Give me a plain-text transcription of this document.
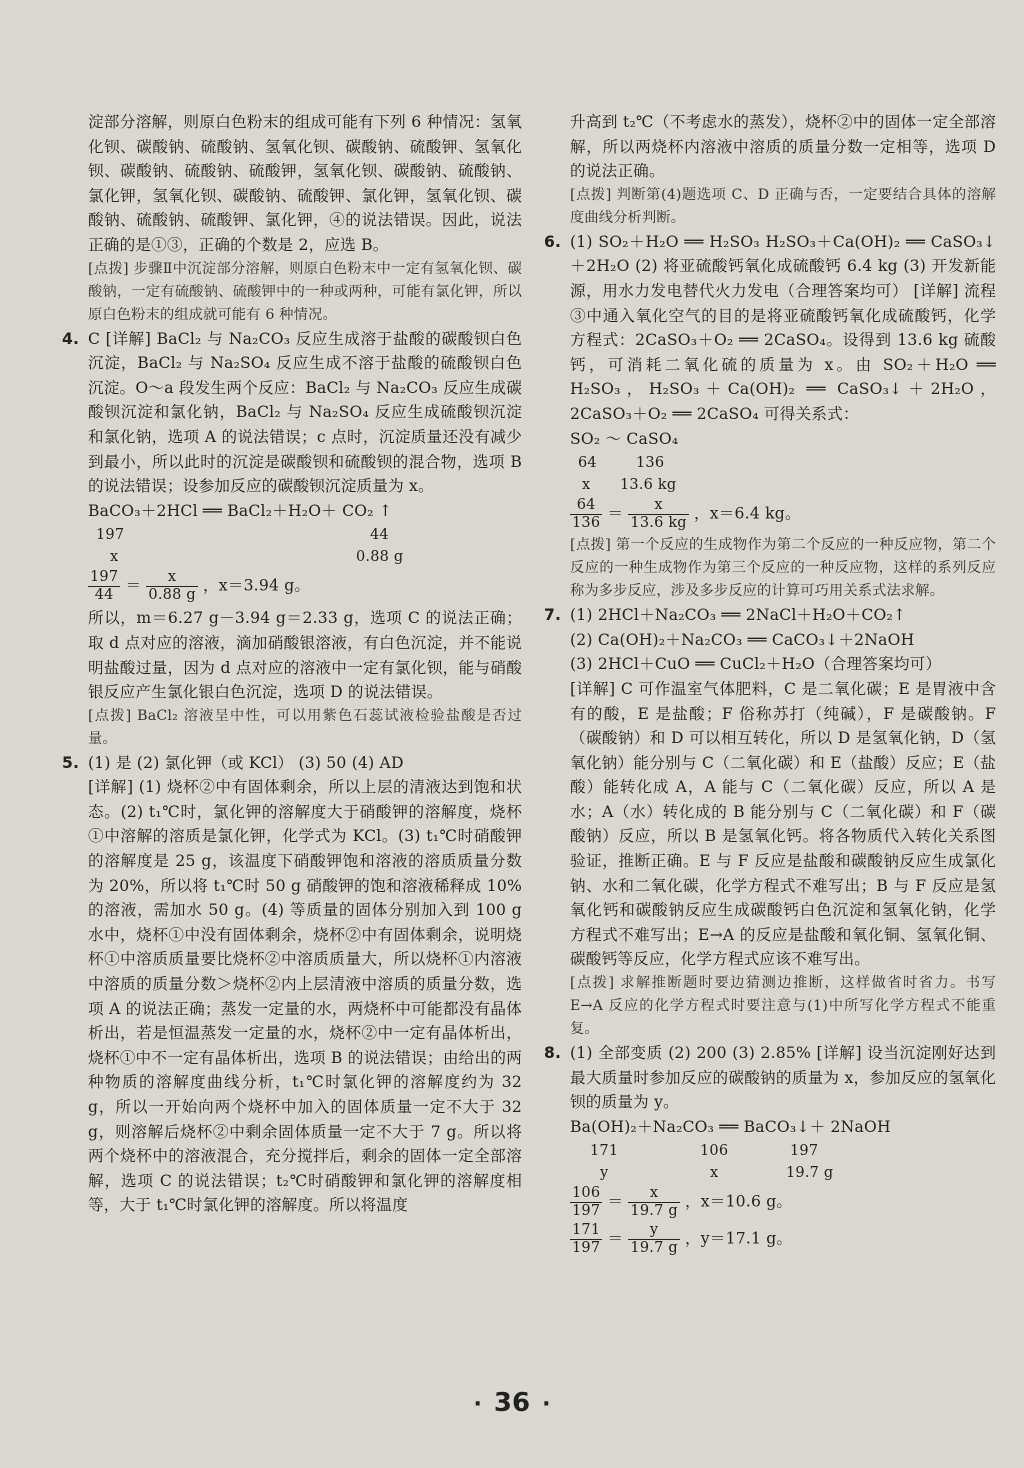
淀部分溶解，则原白色粉末的组成可能有下列 6 种情况：氢氧化钡、碳酸钠、硫酸钠、氢氧化钡、碳酸钠、硫酸钾、氢氧化钡、碳酸钠、硫酸钠、硫酸钾，氢氧化钡、碳酸钠、硫酸钠、氯化钾，氢氧化钡、碳酸钠、硫酸钾、氯化钾，氢氧化钡、碳酸钠、硫酸钠、硫酸钾、氯化钾，④的说法错误。因此，说法正确的是①③，正确的个数是 2，应选 B。

[点拨] 步骤Ⅱ中沉淀部分溶解，则原白色粉末中一定有氢氧化钡、碳酸钠，一定有硫酸钠、硫酸钾中的一种或两种，可能有氯化钾，所以原白色粉末的组成就可能有 6 种情况。

4. C [详解] BaCl₂ 与 Na₂CO₃ 反应生成溶于盐酸的碳酸钡白色沉淀，BaCl₂ 与 Na₂SO₄ 反应生成不溶于盐酸的硫酸钡白色沉淀。O～a 段发生两个反应：BaCl₂ 与 Na₂CO₃ 反应生成碳酸钡沉淀和氯化钠，BaCl₂ 与 Na₂SO₄ 反应生成硫酸钡沉淀和氯化钠，选项 A 的说法错误；c 点时，沉淀质量还没有减少到最小，所以此时的沉淀是碳酸钡和硫酸钡的混合物，选项 B 的说法错误；设参加反应的碳酸钡沉淀质量为 x。

BaCO₃＋2HCl ══ BaCl₂＋H₂O＋ CO₂ ↑
197	44
x	0.88 g
$\frac{197}{44} = \frac{x}{0.88 g}$ ，x＝3.94 g。

所以，m＝6.27 g－3.94 g＝2.33 g，选项 C 的说法正确；取 d 点对应的溶液，滴加硝酸银溶液，有白色沉淀，并不能说明盐酸过量，因为 d 点对应的溶液中一定有氯化钡，能与硝酸银反应产生氯化银白色沉淀，选项 D 的说法错误。

[点拨] BaCl₂ 溶液呈中性，可以用紫色石蕊试液检验盐酸是否过量。

5. (1) 是 (2) 氯化钾（或 KCl） (3) 50 (4) AD

[详解] (1) 烧杯②中有固体剩余，所以上层的清液达到饱和状态。(2) t₁℃时，氯化钾的溶解度大于硝酸钾的溶解度，烧杯①中溶解的溶质是氯化钾，化学式为 KCl。(3) t₁℃时硝酸钾的溶解度是 25 g，该温度下硝酸钾饱和溶液的溶质质量分数为 20%，所以将 t₁℃时 50 g 硝酸钾的饱和溶液稀释成 10% 的溶液，需加水 50 g。(4) 等质量的固体分别加入到 100 g 水中，烧杯①中没有固体剩余，烧杯②中有固体剩余，说明烧杯①中溶质质量要比烧杯②中溶质质量大，所以烧杯①内溶液中溶质的质量分数＞烧杯②内上层清液中溶质的质量分数，选项 A 的说法正确；蒸发一定量的水，两烧杯中可能都没有晶体析出，若是恒温蒸发一定量的水，烧杯②中一定有晶体析出，烧杯①中不一定有晶体析出，选项 B 的说法错误；由给出的两种物质的溶解度曲线分析，t₁℃时氯化钾的溶解度约为 32 g，所以一开始向两个烧杯中加入的固体质量一定不大于 32 g，则溶解后烧杯②中剩余固体质量一定不大于 7 g。所以将两个烧杯中的溶液混合，充分搅拌后，剩余的固体一定全部溶解，选项 C 的说法错误；t₂℃时硝酸钾和氯化钾的溶解度相等，大于 t₁℃时氯化钾的溶解度。所以将温度

升高到 t₂℃（不考虑水的蒸发），烧杯②中的固体一定全部溶解，所以两烧杯内溶液中溶质的质量分数一定相等，选项 D 的说法正确。

[点拨] 判断第(4)题选项 C、D 正确与否，一定要结合具体的溶解度曲线分析判断。

6. (1) SO₂＋H₂O ══ H₂SO₃ H₂SO₃＋Ca(OH)₂ ══ CaSO₃↓＋2H₂O (2) 将亚硫酸钙氧化成硫酸钙 6.4 kg (3) 开发新能源，用水力发电替代火力发电（合理答案均可） [详解] 流程③中通入氧化空气的目的是将亚硫酸钙氧化成硫酸钙，化学方程式：2CaSO₃＋O₂ ══ 2CaSO₄。设得到 13.6 kg 硫酸钙，可消耗二氧化硫的质量为 x。由 SO₂＋H₂O ══ H₂SO₃，H₂SO₃＋Ca(OH)₂ ══ CaSO₃↓＋2H₂O，2CaSO₃＋O₂ ══ 2CaSO₄ 可得关系式：

SO₂ ～ CaSO₄
64	136
x 13.6 kg
$\frac{64}{136} = \frac{x}{13.6 kg}$ ，x＝6.4 kg。

[点拨] 第一个反应的生成物作为第二个反应的一种反应物，第二个反应的一种生成物作为第三个反应的一种反应物，这样的系列反应称为多步反应，涉及多步反应的计算可巧用关系式法求解。

7. (1) 2HCl＋Na₂CO₃ ══ 2NaCl＋H₂O＋CO₂↑
(2) Ca(OH)₂＋Na₂CO₃ ══ CaCO₃↓＋2NaOH
(3) 2HCl＋CuO ══ CuCl₂＋H₂O（合理答案均可）

[详解] C 可作温室气体肥料，C 是二氧化碳；E 是胃液中含有的酸，E 是盐酸；F 俗称苏打（纯碱），F 是碳酸钠。F（碳酸钠）和 D 可以相互转化，所以 D 是氢氧化钠，D（氢氧化钠）能分别与 C（二氧化碳）和 E（盐酸）反应；E（盐酸）能转化成 A，A 能与 C（二氧化碳）反应，所以 A 是水；A（水）转化成的 B 能分别与 C（二氧化碳）和 F（碳酸钠）反应，所以 B 是氢氧化钙。将各物质代入转化关系图验证，推断正确。E 与 F 反应是盐酸和碳酸钠反应生成氯化钠、水和二氧化碳，化学方程式不难写出；B 与 F 反应是氢氧化钙和碳酸钠反应生成碳酸钙白色沉淀和氢氧化钠，化学方程式不难写出；E→A 的反应是盐酸和氧化铜、氢氧化铜、碳酸钙等反应，化学方程式应该不难写出。

[点拨] 求解推断题时要边猜测边推断，这样做省时省力。书写 E→A 反应的化学方程式时要注意与(1)中所写化学方程式不能重复。

8. (1) 全部变质 (2) 200 (3) 2.85% [详解] 设当沉淀刚好达到最大质量时参加反应的碳酸钠的质量为 x，参加反应的氢氧化钡的质量为 y。

Ba(OH)₂＋Na₂CO₃ ══ BaCO₃↓＋ 2NaOH
171	106	197
y	x	19.7 g
$\frac{106}{197} = \frac{x}{19.7 g}$ ，x＝10.6 g。
$\frac{171}{197} = \frac{y}{19.7 g}$ ，y＝17.1 g。
· 36 ·
